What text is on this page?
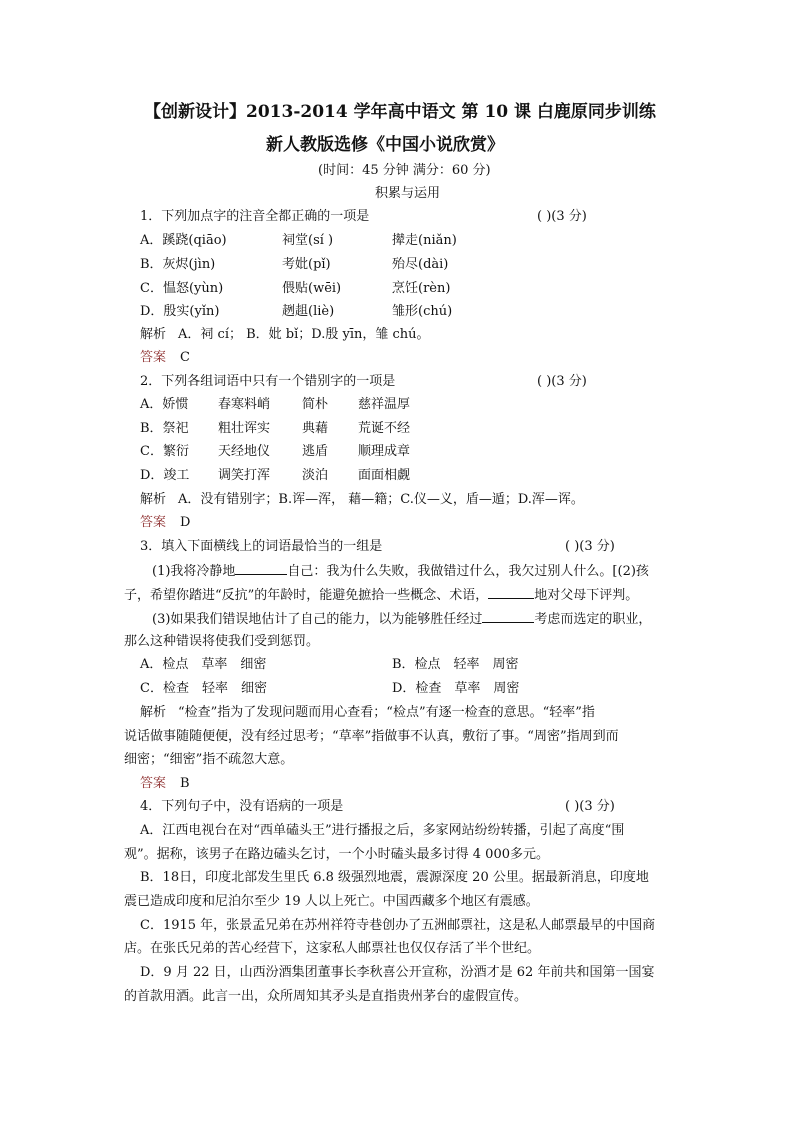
【创新设计】2013-2014 学年高中语文 第 10 课 白鹿原同步训练
新人教版选修《中国小说欣赏》
(时间：45 分钟 满分：60 分)
积累与运用
1．下列加点字的注音全都正确的一项是	( )(3 分)
A．蹊跷(qiāo)	祠堂(sí )	撵走(niǎn)
B．灰烬(jìn)	考妣(pǐ)	殆尽(dài)
C．愠怒(yùn)	偎贴(wēi)	烹饪(rèn)
D．殷实(yǐn)	趔趄(liè)	雏形(chú)
解析 A．祠 cí； B．妣 bǐ；D.殷 yīn，雏 chú。
答案 C
2．下列各组词语中只有一个错别字的一项是	( )(3 分)
A．娇惯 春寒料峭 简朴 慈祥温厚
B．祭祀 粗壮诨实 典藉 荒诞不经
C．繁衍 天经地仪 逃盾 顺理成章
D．竣工 调笑打浑 淡泊 面面相觑
解析 A．没有错别字；B.诨—浑， 藉—籍；C.仪—义，盾—遁；D.浑—诨。
答案 D
3．填入下面横线上的词语最恰当的一组是	( )(3 分)
(1)我将冷静地	自己：我为什么失败，我做错过什么，我欠过别人什么。[(2)孩
子，希望你踏进“反抗”的年龄时，能避免摭拾一些概念、术语，	地对父母下评判。
(3)如果我们错误地估计了自己的能力，以为能够胜任经过	考虑而选定的职业，
那么这种错误将使我们受到惩罚。
A．检点　草率　细密	B．检点　轻率　周密
C．检查　轻率　细密	D．检查　草率　周密
解析 “检查”指为了发现问题而用心查看；“检点”有逐一检查的意思。“轻率”指
说话做事随随便便，没有经过思考；“草率”指做事不认真，敷衍了事。“周密”指周到而
细密；“细密”指不疏忽大意。
答案 B
4．下列句子中，没有语病的一项是	( )(3 分)
A．江西电视台在对“西单磕头王”进行播报之后，多家网站纷纷转播，引起了高度“围
观”。据称，该男子在路边磕头乞讨，一个小时磕头最多讨得 4 000多元。
B．18日，印度北部发生里氏 6.8 级强烈地震，震源深度 20 公里。据最新消息，印度地
震已造成印度和尼泊尔至少 19 人以上死亡。中国西藏多个地区有震感。
C．1915 年，张景孟兄弟在苏州祥符寺巷创办了五洲邮票社，这是私人邮票最早的中国商
店。在张氏兄弟的苦心经营下，这家私人邮票社也仅仅存活了半个世纪。
D．9 月 22 日，山西汾酒集团董事长李秋喜公开宣称，汾酒才是 62 年前共和国第一国宴
的首款用酒。此言一出，众所周知其矛头是直指贵州茅台的虚假宣传。
